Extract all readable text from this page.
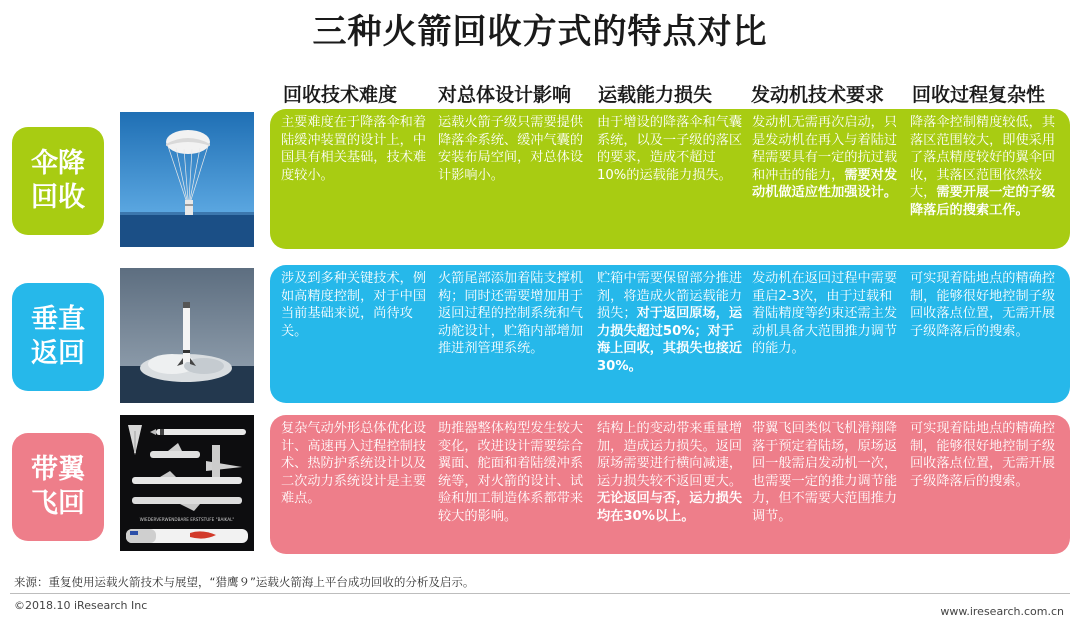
三种火箭回收方式的特点对比
回收技术难度 对总体设计影响 运载能力损失 发动机技术要求 回收过程复杂性
伞降
回收
主要难度在于降落伞和着陆缓冲装置的设计上，中国具有相关基础，技术难度较小。
运载火箭子级只需要提供降落伞系统、缓冲气囊的安装布局空间，对总体设计影响小。
由于增设的降落伞和气囊系统，以及一子级的落区的要求，造成不超过10%的运载能力损失。
发动机无需再次启动，只是发动机在再入与着陆过程需要具有一定的抗过载和冲击的能力，需要对发动机做适应性加强设计。
降落伞控制精度较低，其落区范围较大，即使采用了落点精度较好的翼伞回收，其落区范围依然较大，需要开展一定的子级降落后的搜索工作。
垂直
返回
涉及到多种关键技术，例如高精度控制，对于中国当前基础来说，尚待攻关。
火箭尾部添加着陆支撑机构；同时还需要增加用于返回过程的控制系统和气动舵设计，贮箱内部增加推进剂管理系统。
贮箱中需要保留部分推进剂，将造成火箭运载能力损失；对于返回原场，运力损失超过50%；对于海上回收，其损失也接近30%。
发动机在返回过程中需要重启2-3次，由于过载和着陆精度等约束还需主发动机具备大范围推力调节的能力。
可实现着陆地点的精确控制，能够很好地控制子级回收落点位置，无需开展子级降落后的搜索。
带翼
飞回
WIEDERVERWENDBARE ERSTSTUFE "BAIKAL"
复杂气动外形总体优化设计、高速再入过程控制技术、热防护系统设计以及二次动力系统设计是主要难点。
助推器整体构型发生较大变化，改进设计需要综合翼面、舵面和着陆缓冲系统等，对火箭的设计、试验和加工制造体系都带来较大的影响。
结构上的变动带来重量增加，造成运力损失。返回原场需要进行横向减速，运力损失较不返回更大。无论返回与否，运力损失均在30%以上。
带翼飞回类似飞机滑翔降落于预定着陆场，原场返回一般需启发动机一次，也需要一定的推力调节能力，但不需要大范围推力调节。
可实现着陆地点的精确控制，能够很好地控制子级回收落点位置，无需开展子级降落后的搜索。
来源：重复使用运载火箭技术与展望，“猎鹰９”运载火箭海上平台成功回收的分析及启示。
©2018.10 iResearch Inc	www.iresearch.com.cn
